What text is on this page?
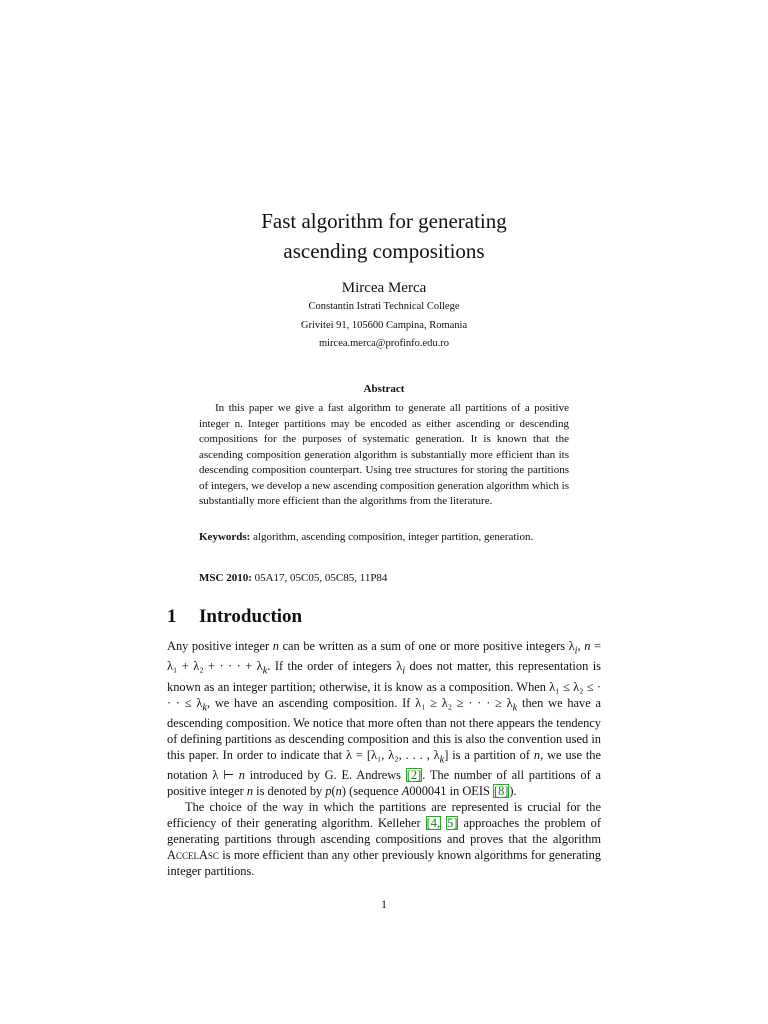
Fast algorithm for generating
ascending compositions
Mircea Merca
Constantin Istrati Technical College
Grivitei 91, 105600 Campina, Romania
mircea.merca@profinfo.edu.ro
Abstract
In this paper we give a fast algorithm to generate all partitions of a positive integer n. Integer partitions may be encoded as either ascending or descending compositions for the purposes of systematic generation. It is known that the ascending composition generation algorithm is substantially more efficient than its descending composition counterpart. Using tree structures for storing the partitions of integers, we develop a new ascending composition generation algorithm which is substantially more efficient than the algorithms from the literature.
Keywords: algorithm, ascending composition, integer partition, generation.
MSC 2010: 05A17, 05C05, 05C85, 11P84
1 Introduction

Any positive integer n can be written as a sum of one or more positive integers $\lambda_i$, n = λ₁ + λ₂ + · · · + $\lambda_k$. If the order of integers $\lambda_i$ does not matter, this representation is known as an integer partition; otherwise, it is know as a composition. When λ₁ ≤ λ₂ ≤ · · · ≤ $\lambda_k$, we have an ascending composition. If λ₁ ≥ λ₂ ≥ · · · ≥ $\lambda_k$ then we have a descending composition. We notice that more often than not there appears the tendency of defining partitions as descending composition and this is also the convention used in this paper. In order to indicate that λ = [λ₁, λ₂, . . . , $\lambda_k$] is a partition of n, we use the notation λ ⊢ n introduced by G. E. Andrews [2]. The number of all partitions of a positive integer n is denoted by p(n) (sequence A000041 in OEIS [8]).

The choice of the way in which the partitions are represented is crucial for the efficiency of their generating algorithm. Kelleher [4, 5] approaches the problem of generating partitions through ascending compositions and proves that the algorithm AccelAsc is more efficient than any other previously known algorithms for generating integer partitions.

1
